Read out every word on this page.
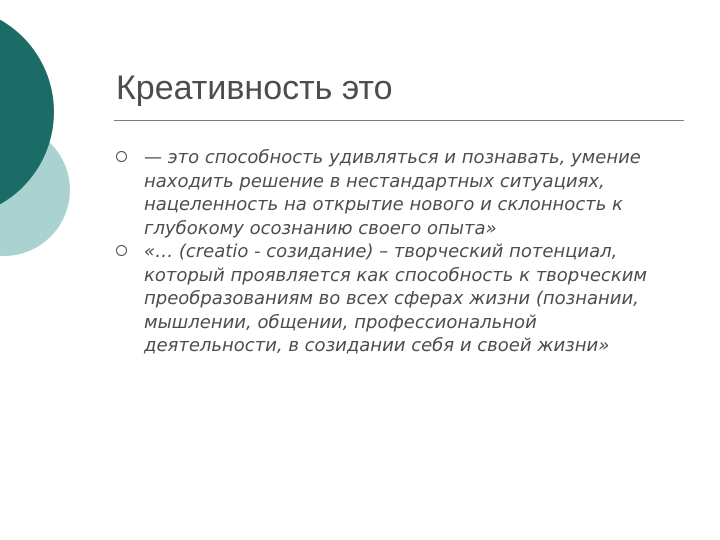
Креативность это
— это способность удивляться и познавать, умение находить решение в нестандартных ситуациях, нацеленность на открытие нового и склонность к глубокому осознанию своего опыта»
«… (creatio - созидание) – творческий потенциал, который проявляется как способность к творческим преобразованиям во всех сферах жизни (познании, мышлении, общении, профессиональной деятельности, в созидании себя и своей жизни»
